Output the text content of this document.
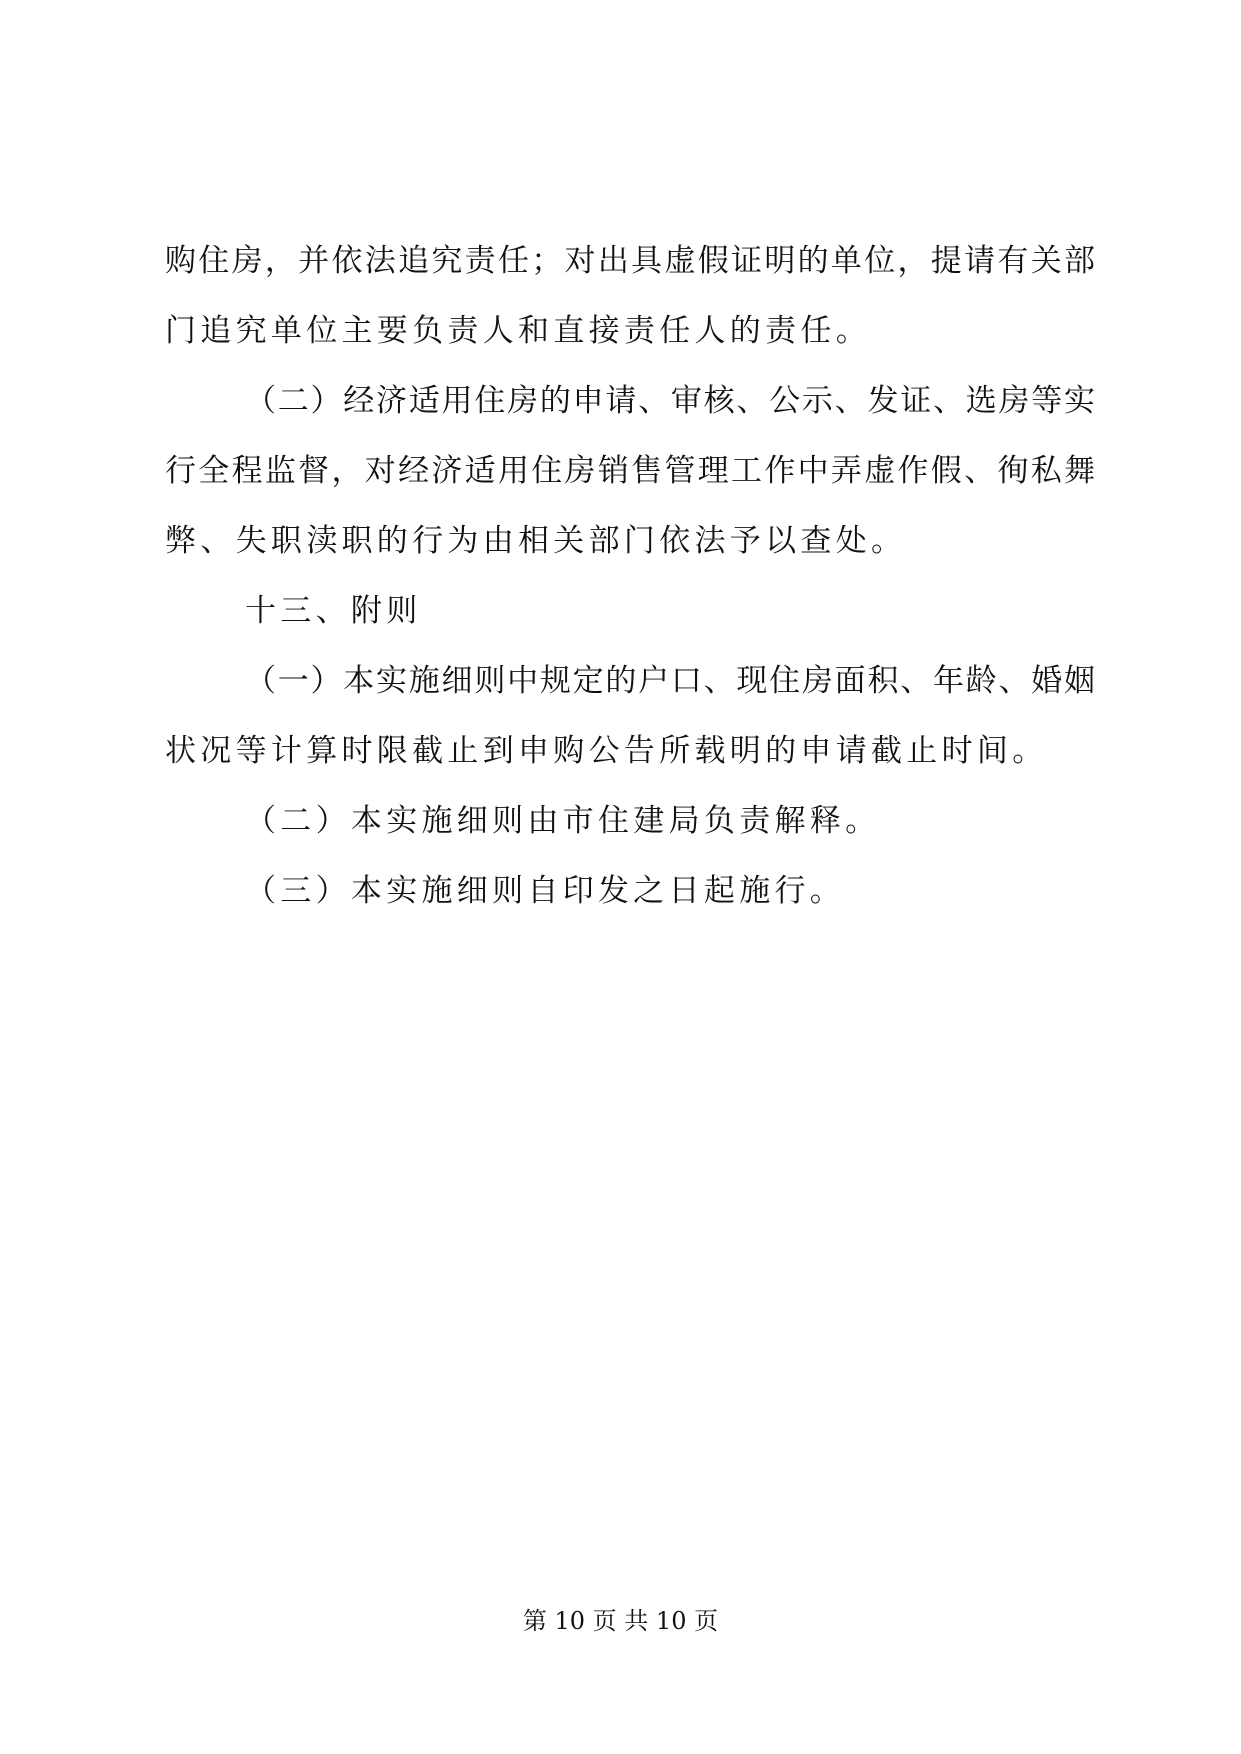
购住房，并依法追究责任；对出具虚假证明的单位，提请有关部
门追究单位主要负责人和直接责任人的责任。
（二）经济适用住房的申请、审核、公示、发证、选房等实
行全程监督，对经济适用住房销售管理工作中弄虚作假、徇私舞
弊、失职渎职的行为由相关部门依法予以查处。
十三、附则
（一）本实施细则中规定的户口、现住房面积、年龄、婚姻
状况等计算时限截止到申购公告所载明的申请截止时间。
（二）本实施细则由市住建局负责解释。
（三）本实施细则自印发之日起施行。
第 10 页 共 10 页
